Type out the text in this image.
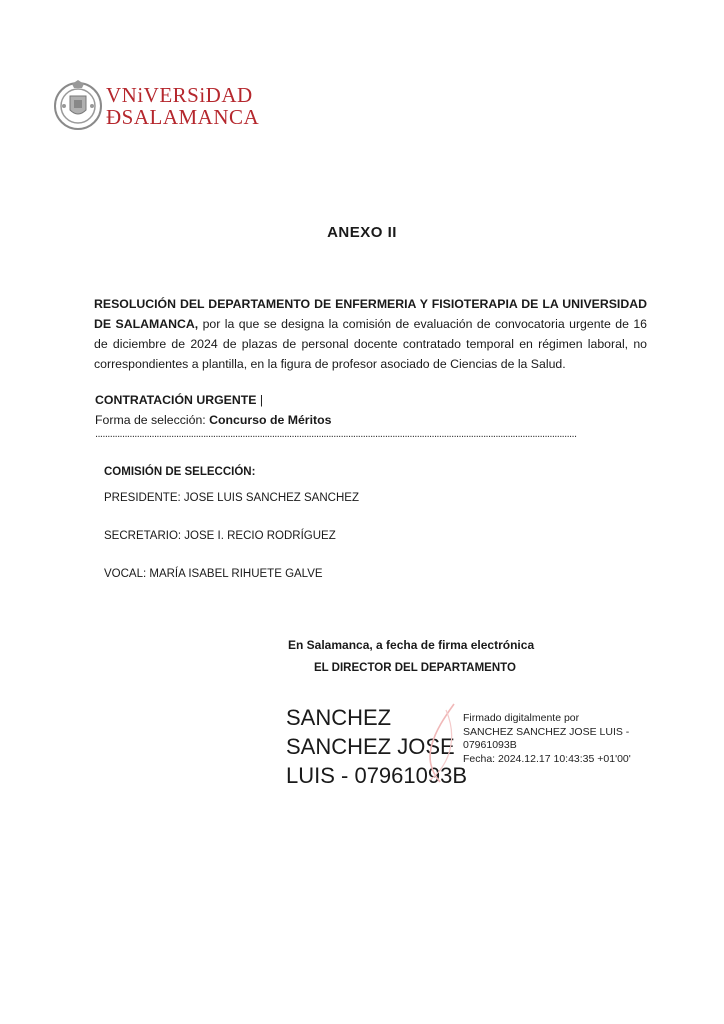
VNiVERSiDAD
ÐSALAMANCA
ANEXO II
RESOLUCIÓN DEL DEPARTAMENTO DE ENFERMERIA Y FISIOTERAPIA DE LA UNIVERSIDAD DE SALAMANCA, por la que se designa la comisión de evaluación de convocatoria urgente de 16 de diciembre de 2024 de plazas de personal docente contratado temporal en régimen laboral, no correspondientes a plantilla, en la figura de profesor asociado de Ciencias de la Salud.
CONTRATACIÓN URGENTE |
Forma de selección: Concurso de Méritos
....................................................................................................................................................................................................
COMISIÓN DE SELECCIÓN:
PRESIDENTE: JOSE LUIS SANCHEZ SANCHEZ
SECRETARIO: JOSE I. RECIO RODRÍGUEZ
VOCAL: MARÍA ISABEL RIHUETE GALVE
En Salamanca, a fecha de firma electrónica
EL DIRECTOR DEL DEPARTAMENTO
SANCHEZ
SANCHEZ JOSE
LUIS - 07961093B
Firmado digitalmente por
SANCHEZ SANCHEZ JOSE LUIS -
07961093B
Fecha: 2024.12.17 10:43:35 +01'00'
